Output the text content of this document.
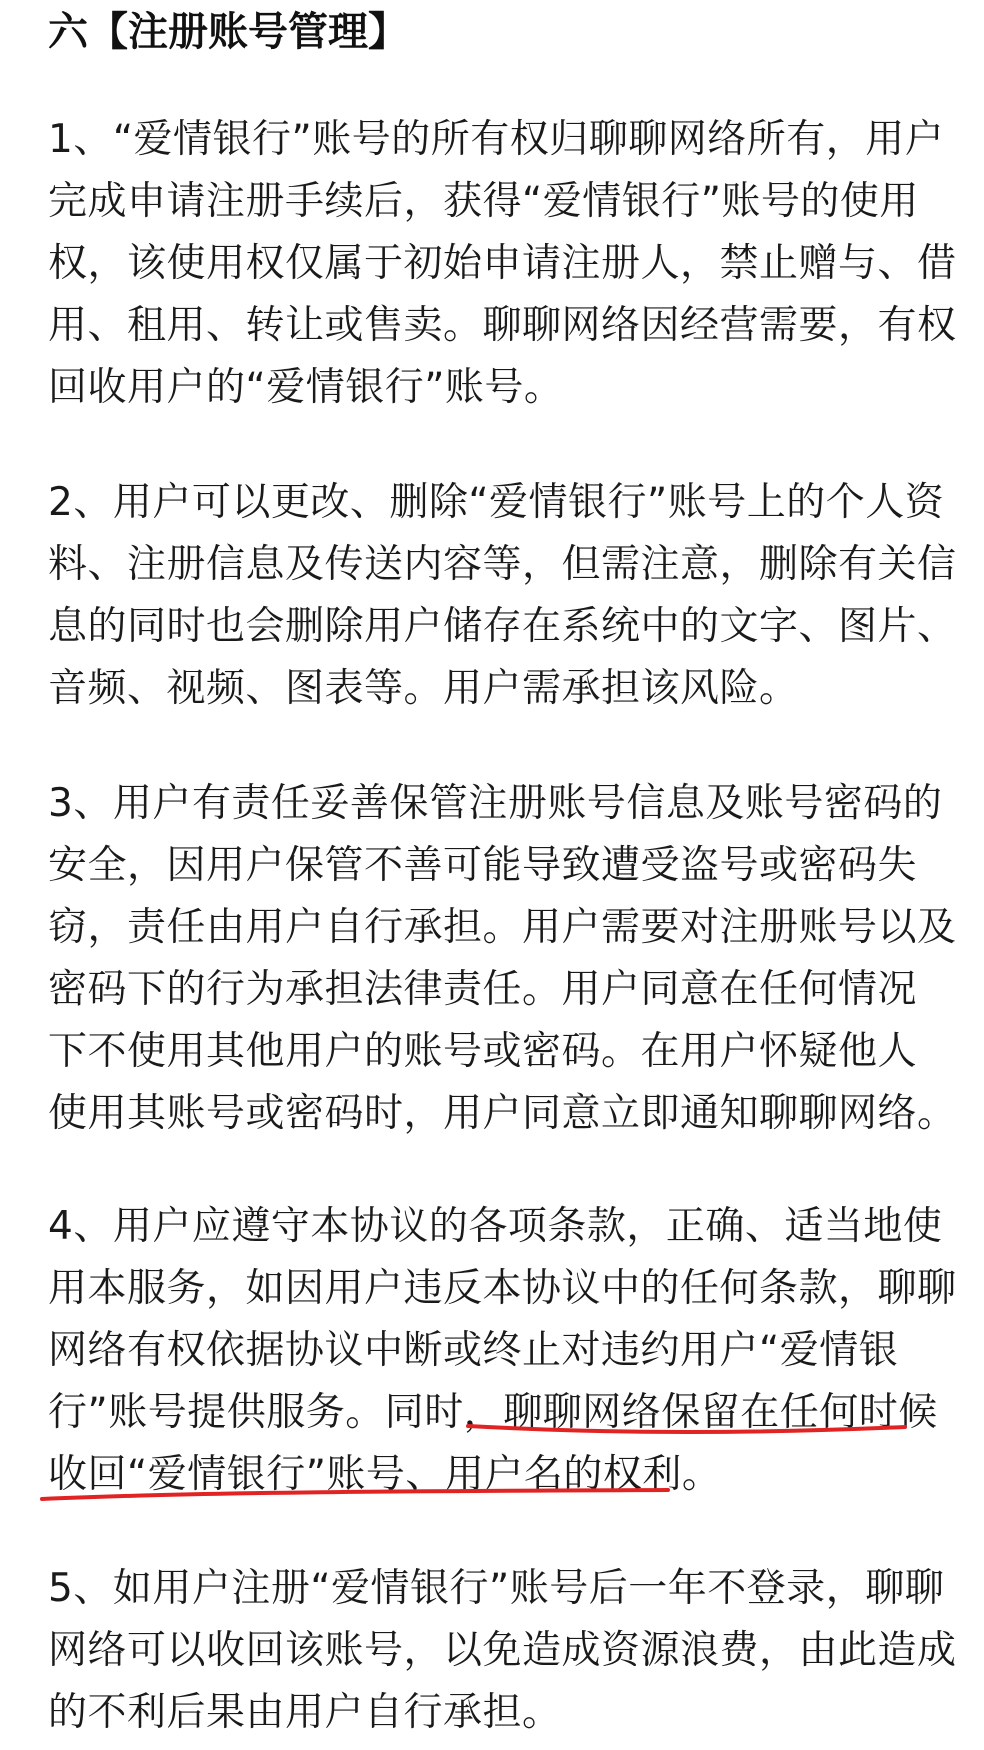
六【注册账号管理】
1、“爱情银行”账号的所有权归聊聊网络所有，用户
完成申请注册手续后，获得“爱情银行”账号的使用
权，该使用权仅属于初始申请注册人，禁止赠与、借
用、租用、转让或售卖。聊聊网络因经营需要，有权
回收用户的“爱情银行”账号。
2、用户可以更改、删除“爱情银行”账号上的个人资
料、注册信息及传送内容等，但需注意，删除有关信
息的同时也会删除用户储存在系统中的文字、图片、
音频、视频、图表等。用户需承担该风险。
3、用户有责任妥善保管注册账号信息及账号密码的
安全，因用户保管不善可能导致遭受盗号或密码失
窃，责任由用户自行承担。用户需要对注册账号以及
密码下的行为承担法律责任。用户同意在任何情况
下不使用其他用户的账号或密码。在用户怀疑他人
使用其账号或密码时，用户同意立即通知聊聊网络。
4、用户应遵守本协议的各项条款，正确、适当地使
用本服务，如因用户违反本协议中的任何条款，聊聊
网络有权依据协议中断或终止对违约用户“爱情银
行”账号提供服务。同时，聊聊网络保留在任何时候
收回“爱情银行”账号、用户名的权利。
5、如用户注册“爱情银行”账号后一年不登录，聊聊
网络可以收回该账号，以免造成资源浪费，由此造成
的不利后果由用户自行承担。
